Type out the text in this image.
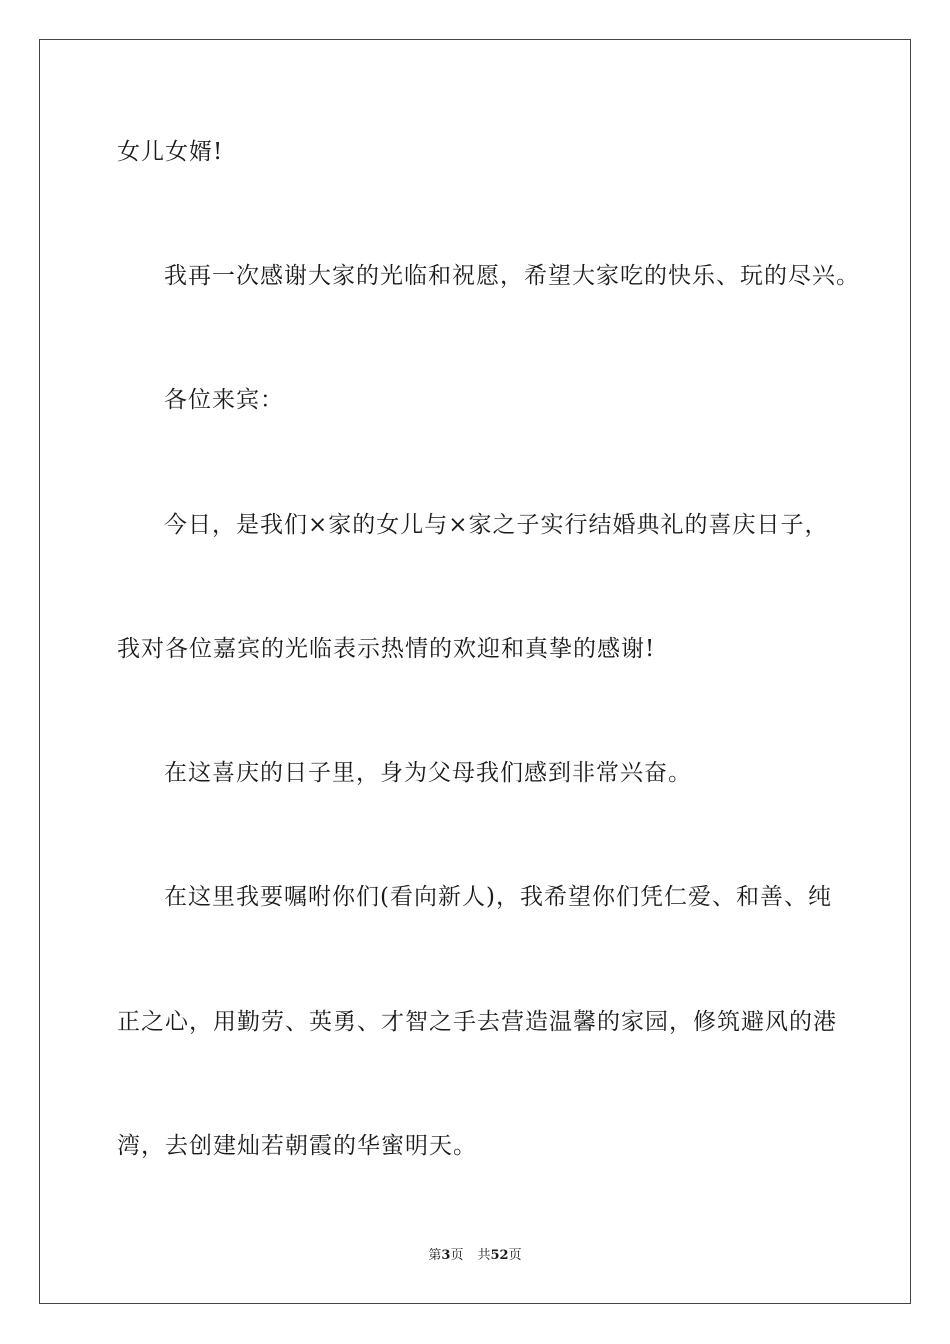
女儿女婿!
我再一次感谢大家的光临和祝愿，希望大家吃的快乐、玩的尽兴。
各位来宾：
今日，是我们×家的女儿与×家之子实行结婚典礼的喜庆日子，
我对各位嘉宾的光临表示热情的欢迎和真挚的感谢!
在这喜庆的日子里，身为父母我们感到非常兴奋。
在这里我要嘱咐你们(看向新人)，我希望你们凭仁爱、和善、纯
正之心，用勤劳、英勇、才智之手去营造温馨的家园，修筑避风的港
湾，去创建灿若朝霞的华蜜明天。
第3页 共52页
